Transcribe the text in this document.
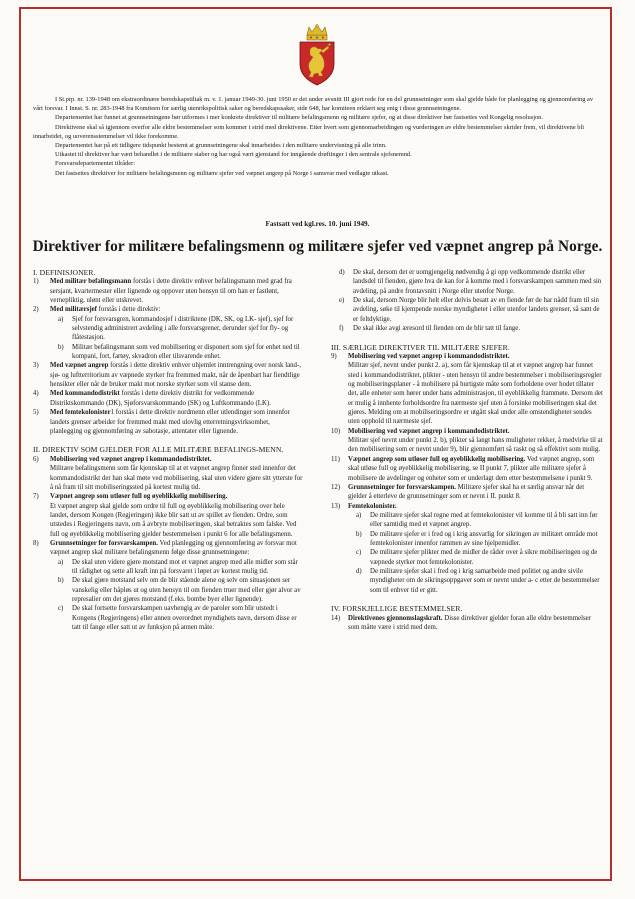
I St.prp. nr. 139-1948 om ekstraordinære beredskapstiltak m. v. 1. januar 1949-30. juni 1950 er det under avsnitt III gjort rede for en del grunnsetninger som skal gjelde både for planlegging og gjennomføring av vårt forsvar. I Innst. S. nr. 283-1948 fra Komiteen for særlig utenrikspolitisk saker og beredskapssaker, side 648, har komiteen erklært seg enig i disse grunnsetningene.

Departementet har funnet at grunnsetningene bør utformes i mer konkrete direktiver til militære befalingsmenn og militære sjefer, og at disse direktiver bør fastsettes ved Kongelig resolusjon.

Direktivene skal så igjennom overfor alle eldre bestemmelser som kommer i strid med direktivene. Etter hvert som gjennomarbeidingen og vurderingen av eldre bestemmelser skrider frem, vil direktivene bli innarbeidet, og uoverensstemmelser vil ikke forekomme.

Departementet har på ett tidligere tidspunkt bestemt at grunnsetningene skal innarbeides i den militære undervisning på alle trinn.

Utkastet til direktiver har vært behandlet i de militære staber og har også vært gjenstand for inngående drøftinger i den sentrale sjefsnemnd.

Forsvarsdepartementet tilråder:

Det fastsettes direktiver for militære befalingsmenn og militære sjefer ved væpnet angrep på Norge i samsvar med vedlagte utkast.

Fastsatt ved kgl.res. 10. juni 1949.
Direktiver for militære befalingsmenn og militære sjefer ved væpnet angrep på Norge.
I. DEFINISJONER.
1) Med militær befalingsmann forstås i dette direktiv enhver befalingsmann med grad fra sersjant, kvartermester eller lignende og oppover uten hensyn til om han er fastlønt, vernepliktig, ulønt eller utskrevet.
2) Med militærsjef forstås i dette direktiv:
a) Sjef for forsvarsgren, kommandosjef i distriktene (DK, SK, og LK- sjef), sjef for selvstendig administrert avdeling i alle forsvarsgrener, derunder sjef for fly- og flåtestasjon.
b) Militær befalingsmann som ved mobilisering er disponert som sjef for enhet ned til kompani, fort, fartøy, skvadron eller tilsvarende enhet.
3) Med væpnet angrep forstås i dette direktiv enhver uhjemlet inntrengning over norsk land-, sjø- og luftterritorium av væpnede styrker fra fremmed makt, når de åpenbart har fiendtlige hensikter eller når de bruker makt mot norske styrker som vil stanse dem.
4) Med kommandodistrikt forstås i dette direktiv distrikt for vedkommende Distriktskommando (DK), Sjøforsvarskommando (SK) og Luftkommando (LK).
5) Med femtekolonister1 forstås i dette direktiv nordmenn eller utlendinger som innenfor landets grenser arbeider for fremmed makt med ulovlig etterretningsvirksomhet, planlegging og gjennomføring av sabotasje, attentater eller lignende.
II. DIREKTIV SOM GJELDER FOR ALLE MILITÆRE BEFALINGS-MENN.
6) Mobilisering ved væpnet angrep i kommandodistriktet.
Militære befalingsmenn som får kjennskap til at et væpnet angrep finner sted innenfor det kommandodistrikt der han skal møte ved mobilisering, skal uten videre gjøre sitt ytterste for å nå fram til sitt mobiliseringssted på kortest mulig tid.
7) Væpnet angrep som utløser full og øyeblikkelig mobilisering.
Et væpnet angrep skal gjelde som ordre til full og øyeblikkelig mobilisering over hele landet, dersom Kongen (Regjeringen) ikke blir satt ut av spillet av fienden. Ordre, som utstedes i Regjeringens navn, om å avbryte mobiliseringen, skal betraktes som falske. Ved full og øyeblikkelig mobilisering gjelder bestemmelsen i punkt 6 for alle befalingsmenn.
8) Grunnsetninger for forsvarskampen. Ved planlegging og gjennomføring av forsvar mot væpnet angrep skal militære befalingsmenn følge disse grunnsetningene:
a) De skal uten videre gjøre motstand mot et væpnet angrep med alle midler som står til rådighet og sette all kraft inn på forsvaret i løpet av kortest mulig tid.
b) De skal gjøre motstand selv om de blir stående alene og selv om situasjonen ser vanskelig eller håpløs ut og uten hensyn til om fienden truer med eller gjør alvor av represalier om det gjøres motstand (f.eks. bombe byer eller lignende).
c) De skal fortsette forsvarskampen uavhengig av de paroler som blir utstedt i Kongens (Regjeringens) eller annen overordnet myndighets navn, dersom disse er tatt til fange eller satt ut av funksjon på annen måte.
d) De skal, dersom det er uomgjengelig nødvendig å gi opp vedkommende distrikt eller landsdel til fienden, gjøre hva de kan for å komme med i forsvarskampen sammen med sin avdeling, på andre frontavsnitt i Norge eller utenfor Norge.
e) De skal, dersom Norge blir helt eller delvis besatt av en fiende før de har nådd fram til sin avdeling, søke til kjempende norske myndigheter i eller utenfor landets grenser, så sant de er feltdyktige.
f) De skal ikke avgi æresord til fienden om de blir tatt til fange.
III. SÆRLIGE DIREKTIVER TIL MILITÆRE SJEFER.
9) Mobilisering ved væpnet angrep i kommandodistriktet.
Militær sjef, nevnt under punkt 2. a), som får kjennskap til at et væpnet angrep har funnet sted i kommandodistriktet, plikter - uten hensyn til andre bestemmelser i mobiliseringsregler og mobiliseringsplaner - å mobilisere på hurtigste måte som forholdene over hodet tillater det, alle enheter som hører under hans administrasjon, til øyeblikkelig frammøte. Dersom det er mulig å innhente forholdsordre fra nærmeste sjef uten å forsinke mobiliseringen skal det gjøres. Melding om at mobiliseringsordre er utgått skal under alle omstendigheter sendes uten opphold til nærmeste sjef.
10) Mobilisering ved væpnet angrep i kommandodistriktet.
Militær sjef nevnt under punkt 2. b), plikter så langt hans muligheter rekker, å medvirke til at den mobilisering som er nevnt under 9), blir gjennomført så raskt og så effektivt som mulig.
11) Væpnet angrep som utløser full og øyeblikkelig mobilisering. Ved væpnet angrep, som skal utløse full og øyeblikkelig mobilisering, se II punkt 7, plikter alle militære sjefer å mobilisere de avdelinger og enheter som er underlagt dem etter bestemmelsene i punkt 9.
12) Grunnsetninger for forsvarskampen. Militære sjefer skal ha et særlig ansvar når det gjelder å etterleve de grunnsetninger som er nevnt i II. punkt 8.
13) Femtekolonister.
a) De militære sjefer skal regne med at femtekolonister vil komme til å bli satt inn før eller samtidig med et væpnet angrep.
b) De militære sjefer er i fred og i krig ansvarlig for sikringen av militært område mot femtekolonister innenfor rammen av sine hjelpemidler.
c) De militære sjefer plikter med de midler de råder over å sikre mobiliseringen og de væpnede styrker mot femtekolonister.
d) De militære sjefer skal i fred og i krig samarbeide med politiet og andre sivile myndigheter om de sikringsoppgaver som er nevnt under a- c etter de bestemmelser som til enhver tid er gitt.
IV. FORSKJELLIGE BESTEMMELSER.
14) Direktivenes gjennomslagskraft. Disse direktiver gjelder foran alle eldre bestemmelser som måtte være i strid med dem.
